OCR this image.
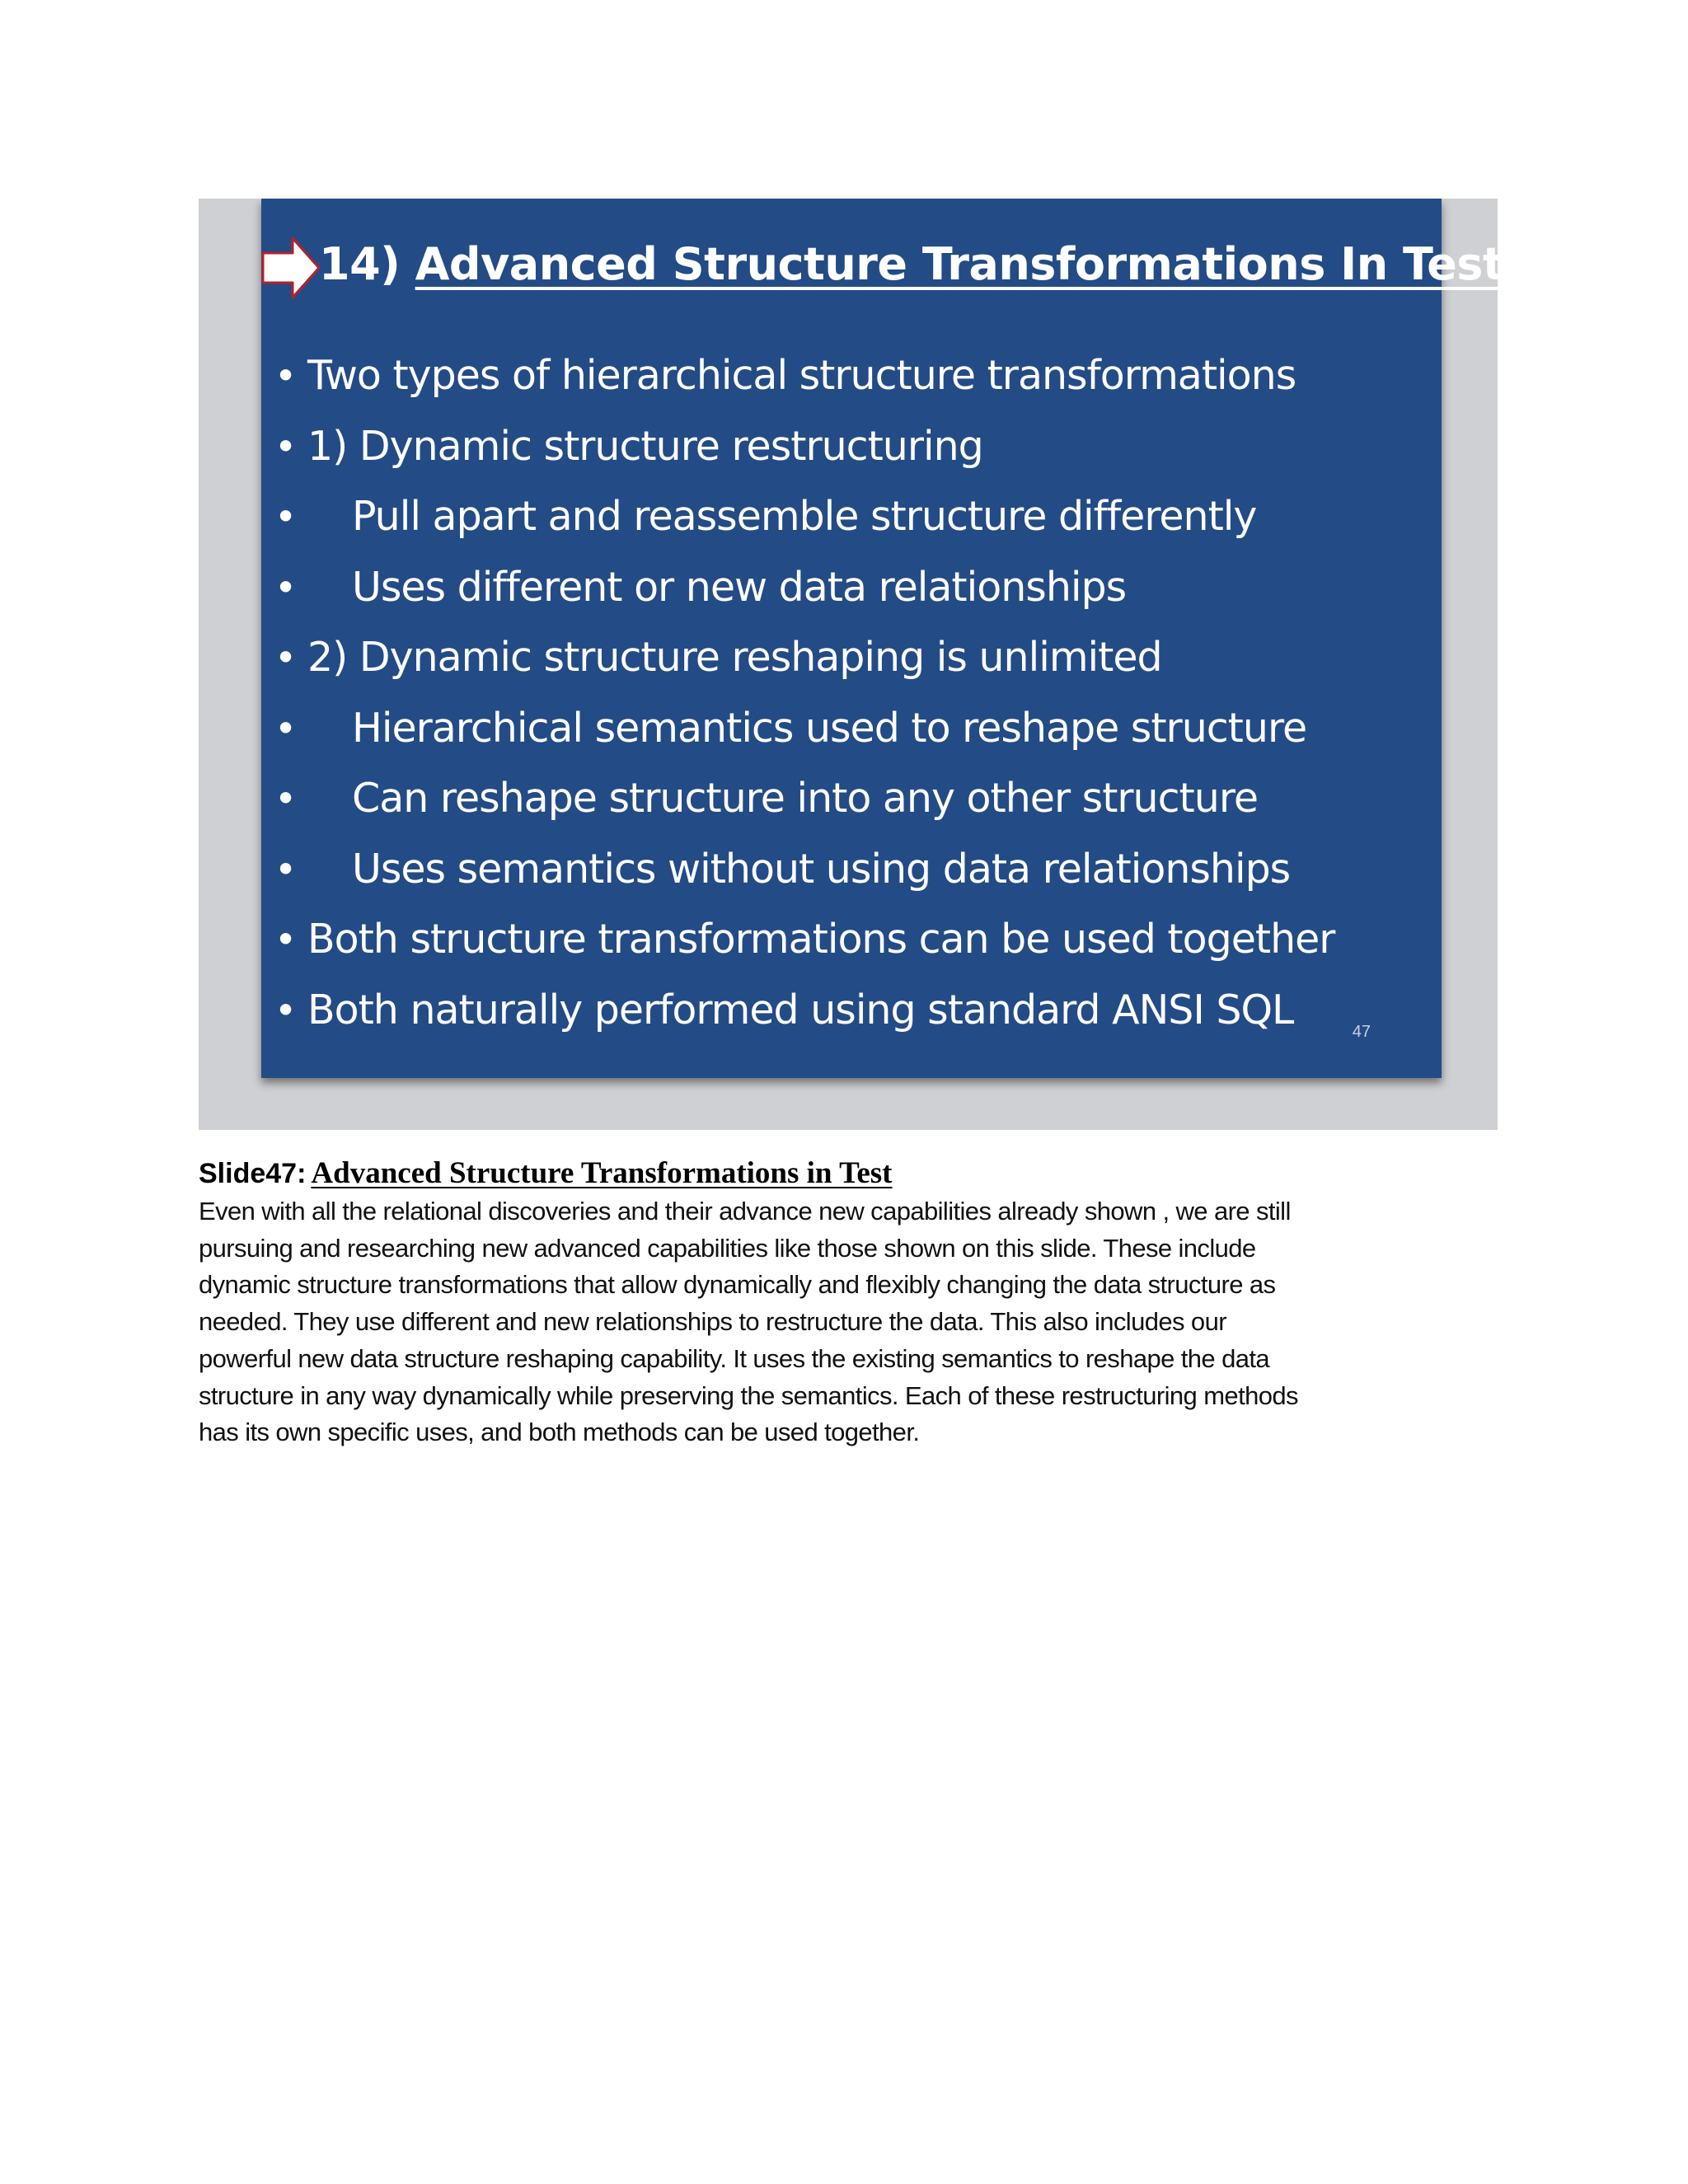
14) Advanced Structure Transformations In Test
• Two types of hierarchical structure transformations
• 1) Dynamic structure restructuring
• Pull apart and reassemble structure differently
• Uses different or new data relationships
• 2) Dynamic structure reshaping is unlimited
• Hierarchical semantics used to reshape structure
• Can reshape structure into any other structure
• Uses semantics without using data relationships
• Both structure transformations can be used together
• Both naturally performed using standard ANSI SQL	47

Slide47: Advanced Structure Transformations in Test

Even with all the relational discoveries and their advance new capabilities already shown , we are still
pursuing and researching new advanced capabilities like those shown on this slide. These include
dynamic structure transformations that allow dynamically and flexibly changing the data structure as
needed. They use different and new relationships to restructure the data. This also includes our
powerful new data structure reshaping capability. It uses the existing semantics to reshape the data
structure in any way dynamically while preserving the semantics. Each of these restructuring methods
has its own specific uses, and both methods can be used together.
